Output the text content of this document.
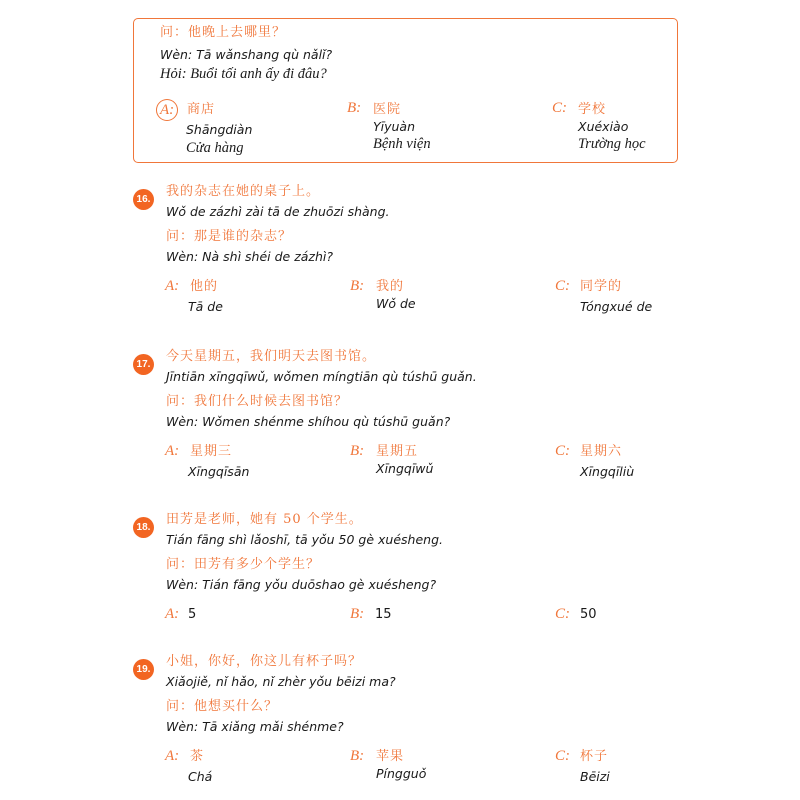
问：他晚上去哪里？
Wèn: Tā wǎnshang qù nǎlǐ?
Hỏi: Buổi tối anh ấy đi đâu?
A: 商店
Shāngdiàn
Cửa hàng
B: 医院
Yīyuàn
Bệnh viện
C: 学校
Xuéxiào
Trường học
16.
我的杂志在她的桌子上。
Wǒ de zázhì zài tā de zhuōzi shàng.
问：那是谁的杂志？
Wèn: Nà shì shéi de zázhì?
A: 他的
Tā de
B: 我的
Wǒ de
C: 同学的
Tóngxué de
17.
今天星期五，我们明天去图书馆。
Jīntiān xīngqīwǔ, wǒmen míngtiān qù túshū guǎn.
问：我们什么时候去图书馆？
Wèn: Wǒmen shénme shíhou qù túshū guǎn?
A: 星期三
Xīngqīsān
B: 星期五
Xīngqīwǔ
C: 星期六
Xīngqīliù
18.
田芳是老师，她有 50 个学生。
Tián fāng shì lǎoshī, tā yǒu 50 gè xuésheng.
问：田芳有多少个学生？
Wèn: Tián fāng yǒu duōshao gè xuésheng?
A: 5	B: 15	C: 50
19.
小姐，你好，你这儿有杯子吗？
Xiǎojiě, nǐ hǎo, nǐ zhèr yǒu bēizi ma?
问：他想买什么？
Wèn: Tā xiǎng mǎi shénme?
A: 茶
Chá
B: 苹果
Píngguǒ
C: 杯子
Bēizi
